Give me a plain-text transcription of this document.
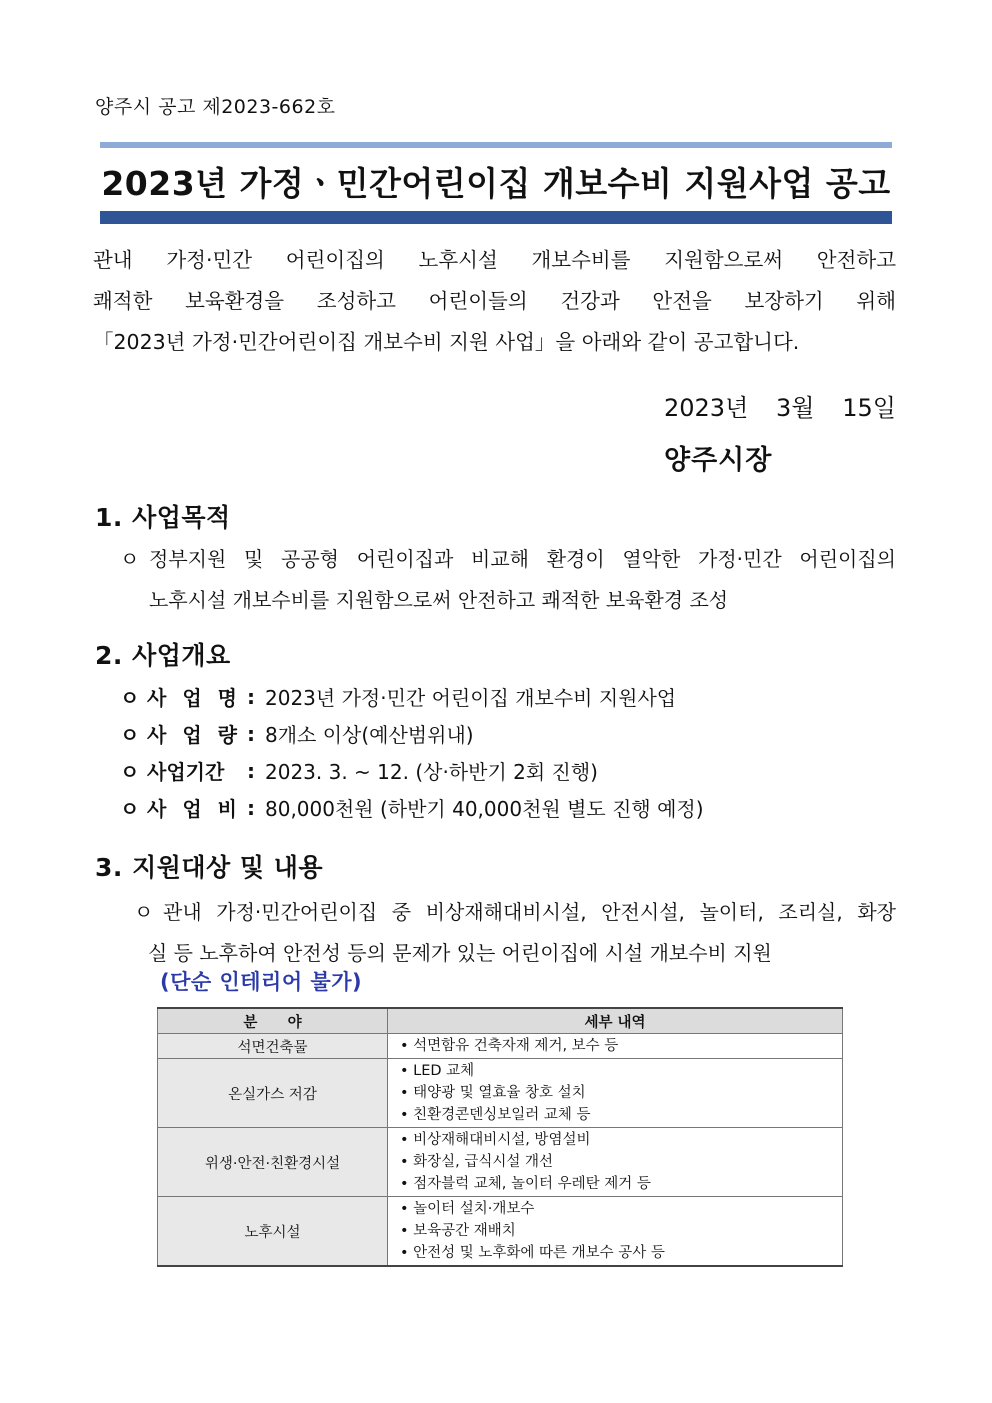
양주시 공고 제2023-662호
2023년 가정ㆍ민간어린이집 개보수비 지원사업 공고
관내 가정·민간 어린이집의 노후시설 개보수비를 지원함으로써 안전하고
쾌적한 보육환경을 조성하고 어린이들의 건강과 안전을 보장하기 위해
「2023년 가정·민간어린이집 개보수비 지원 사업」을 아래와 같이 공고합니다.
2023년 3월 15일
양주시장
1. 사업목적
ㅇ 정부지원 및 공공형 어린이집과 비교해 환경이 열악한 가정·민간 어린이집의
노후시설 개보수비를 지원함으로써 안전하고 쾌적한 보육환경 조성
2. 사업개요
ㅇ 사 업 명 : 2023년 가정·민간 어린이집 개보수비 지원사업
ㅇ 사 업 량 : 8개소 이상(예산범위내)
ㅇ 사업기간	: 2023. 3. ~ 12. (상·하반기 2회 진행)
ㅇ 사 업 비 : 80,000천원 (하반기 40,000천원 별도 진행 예정)
3. 지원대상 및 내용
ㅇ 관내 가정·민간어린이집 중 비상재해대비시설, 안전시설, 놀이터, 조리실, 화장
실 등 노후하여 안전성 등의 문제가 있는 어린이집에 시설 개보수비 지원
(단순 인테리어 불가)
분      야	세부 내역
석면건축물	• 석면함유 건축자재 제거, 보수 등

온실가스 저감	• LED 교체
• 태양광 및 열효율 창호 설치
• 친환경콘덴싱보일러 교체 등

위생·안전·친환경시설	• 비상재해대비시설, 방염설비
• 화장실, 급식시설 개선
• 점자블럭 교체, 놀이터 우레탄 제거 등

노후시설	• 놀이터 설치·개보수
• 보육공간 재배치
• 안전성 및 노후화에 따른 개보수 공사 등
